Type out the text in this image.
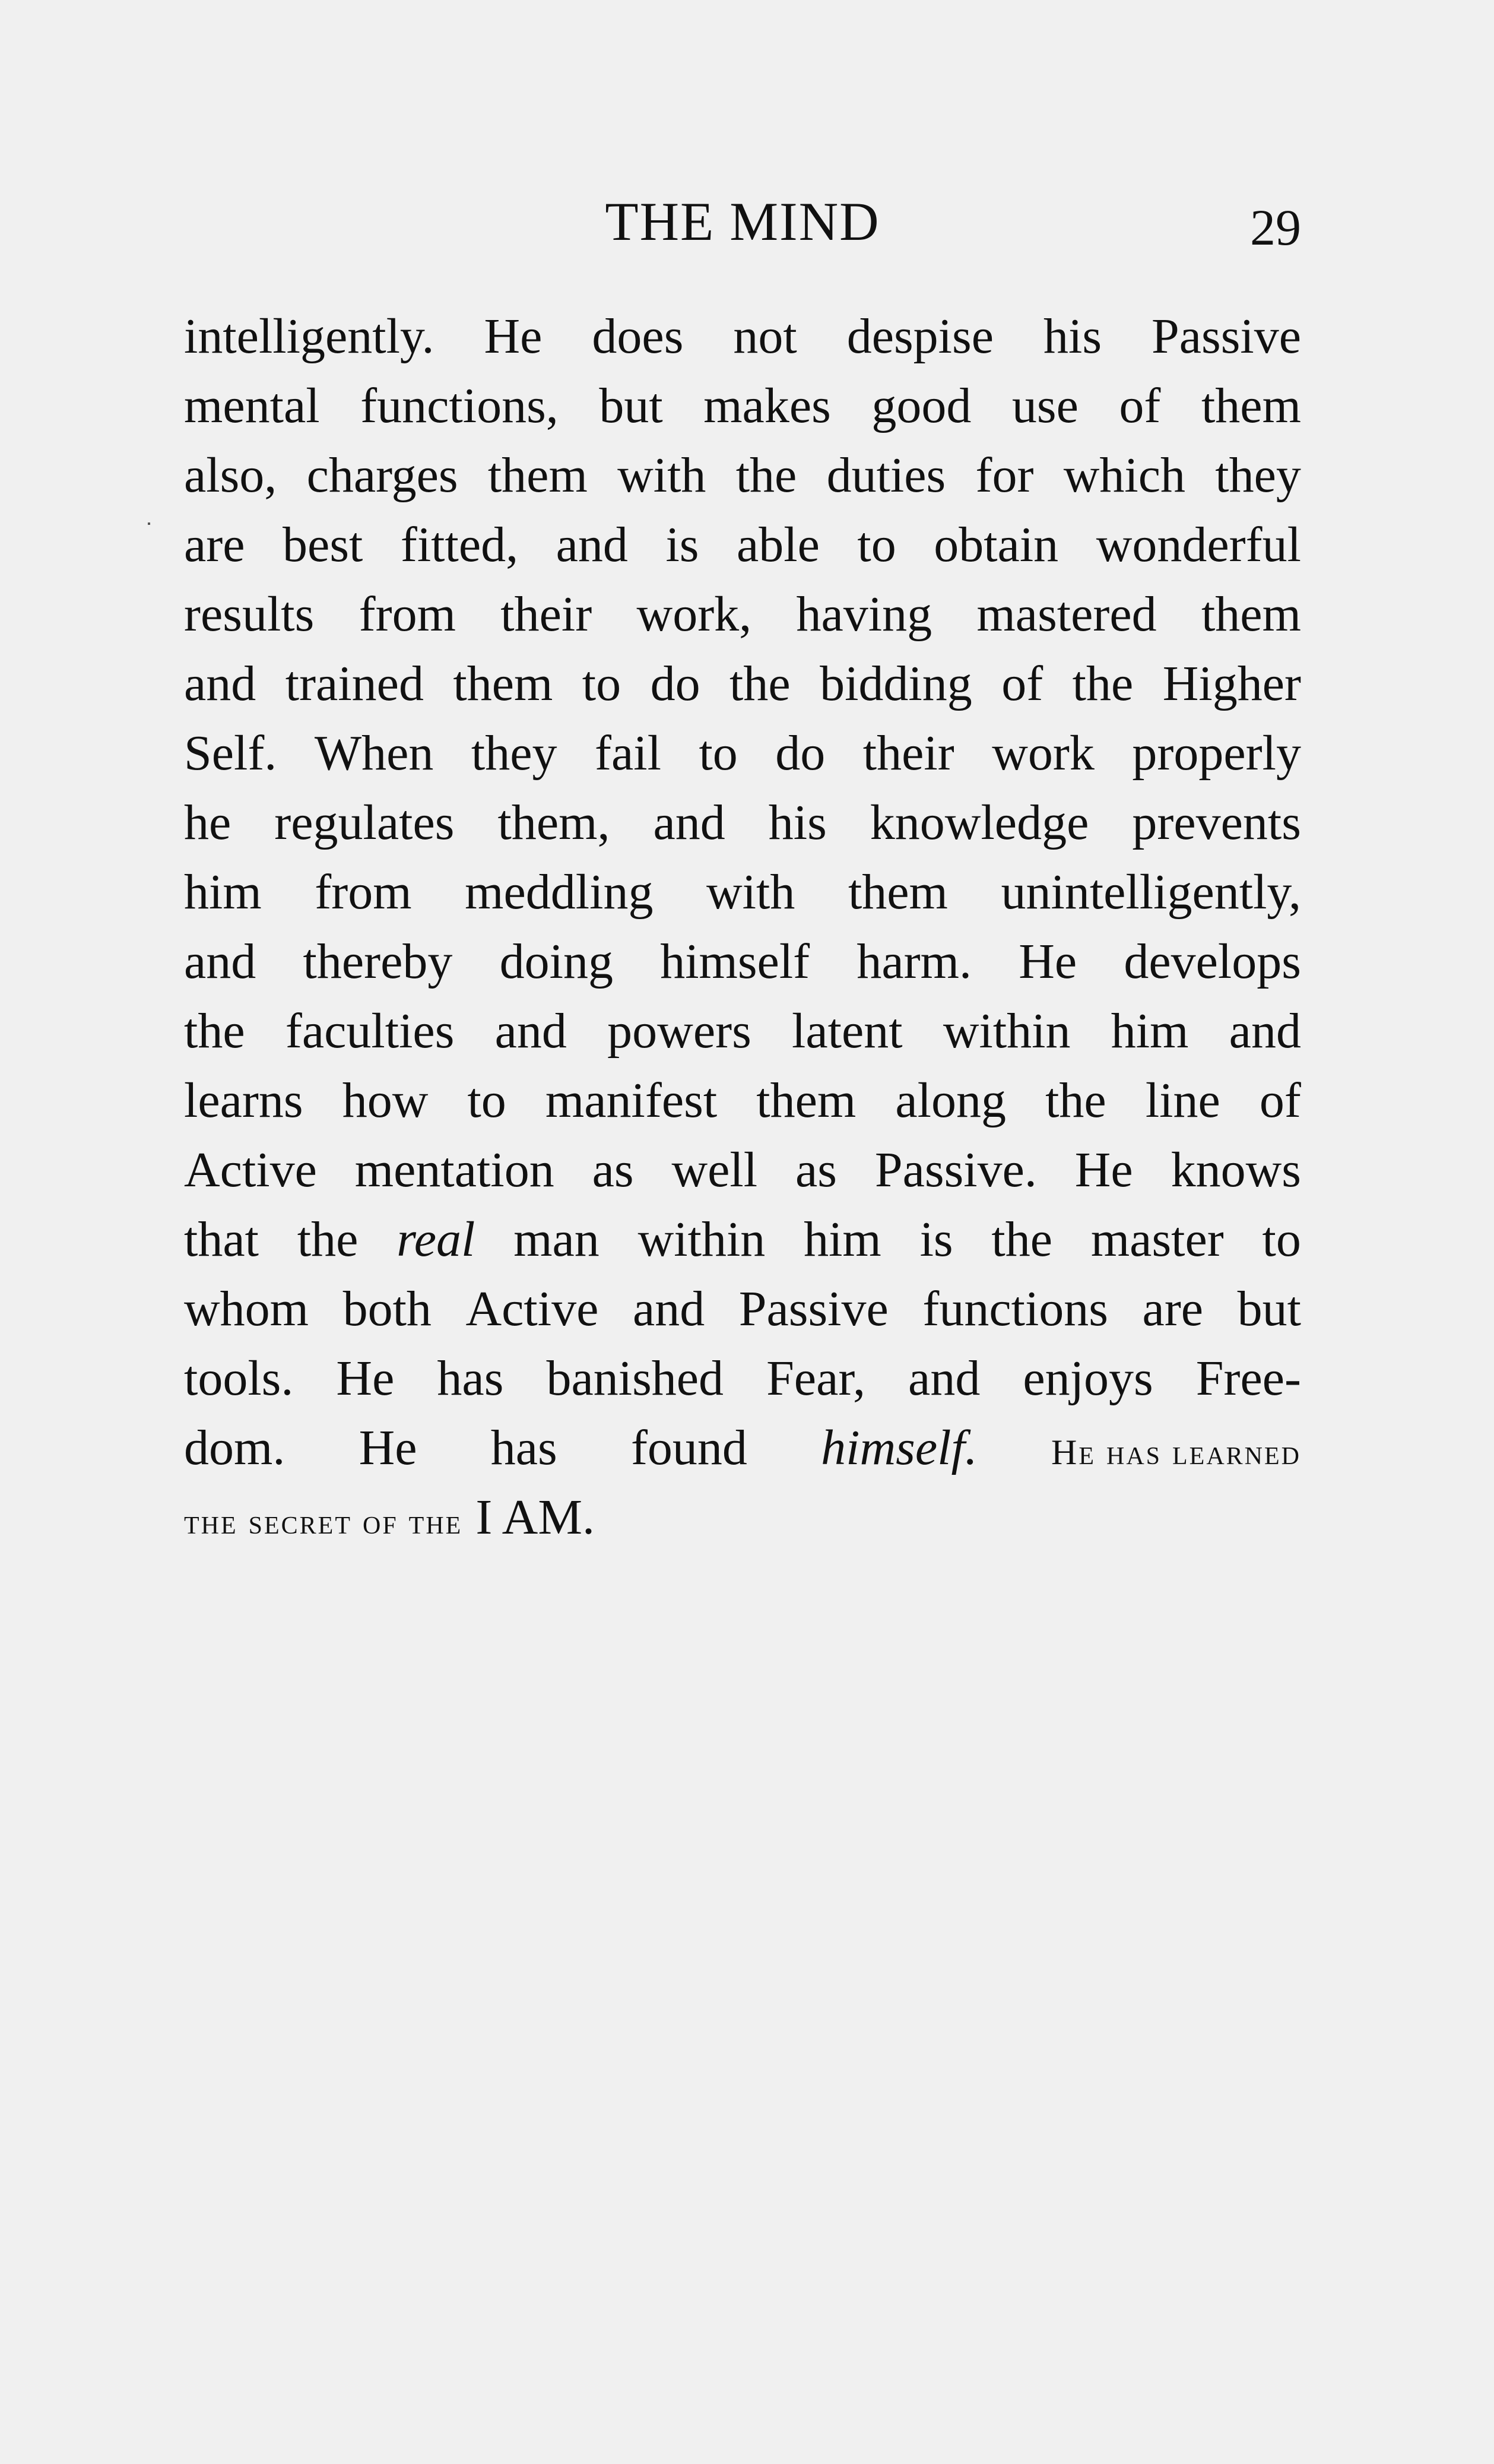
THE MIND	29
intelligently. He does not despise his Passive
mental functions, but makes good use of them
also, charges them with the duties for which they
are best fitted, and is able to obtain wonderful
results from their work, having mastered them
and trained them to do the bidding of the Higher
Self. When they fail to do their work properly
he regulates them, and his knowledge prevents
him from meddling with them unintelligently,
and thereby doing himself harm. He develops
the faculties and powers latent within him and
learns how to manifest them along the line of
Active mentation as well as Passive. He knows
that the real man within him is the master to
whom both Active and Passive functions are but
tools. He has banished Fear, and enjoys Free-
dom. He has found himself. He has learned
the secret of the I AM.
